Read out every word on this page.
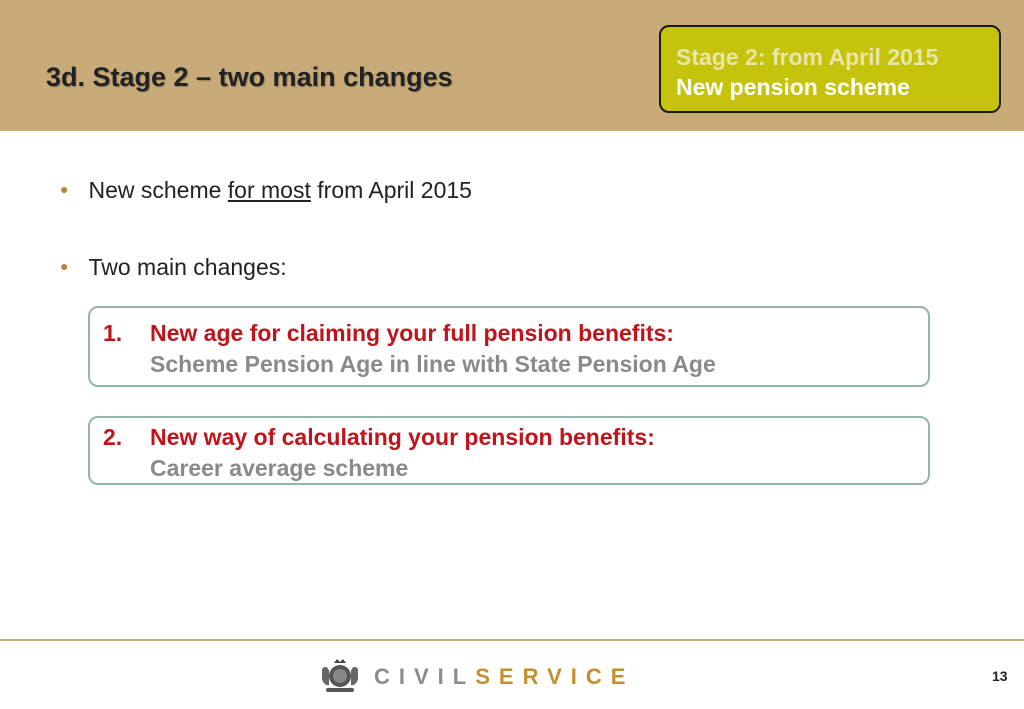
3d. Stage 2 – two main changes
Stage 2: from April 2015
New pension scheme
● New scheme for most from April 2015
● Two main changes:
1. New age for claiming your full pension benefits:
Scheme Pension Age in line with State Pension Age
2. New way of calculating your pension benefits:
Career average scheme
CIVILSERVICE	13
